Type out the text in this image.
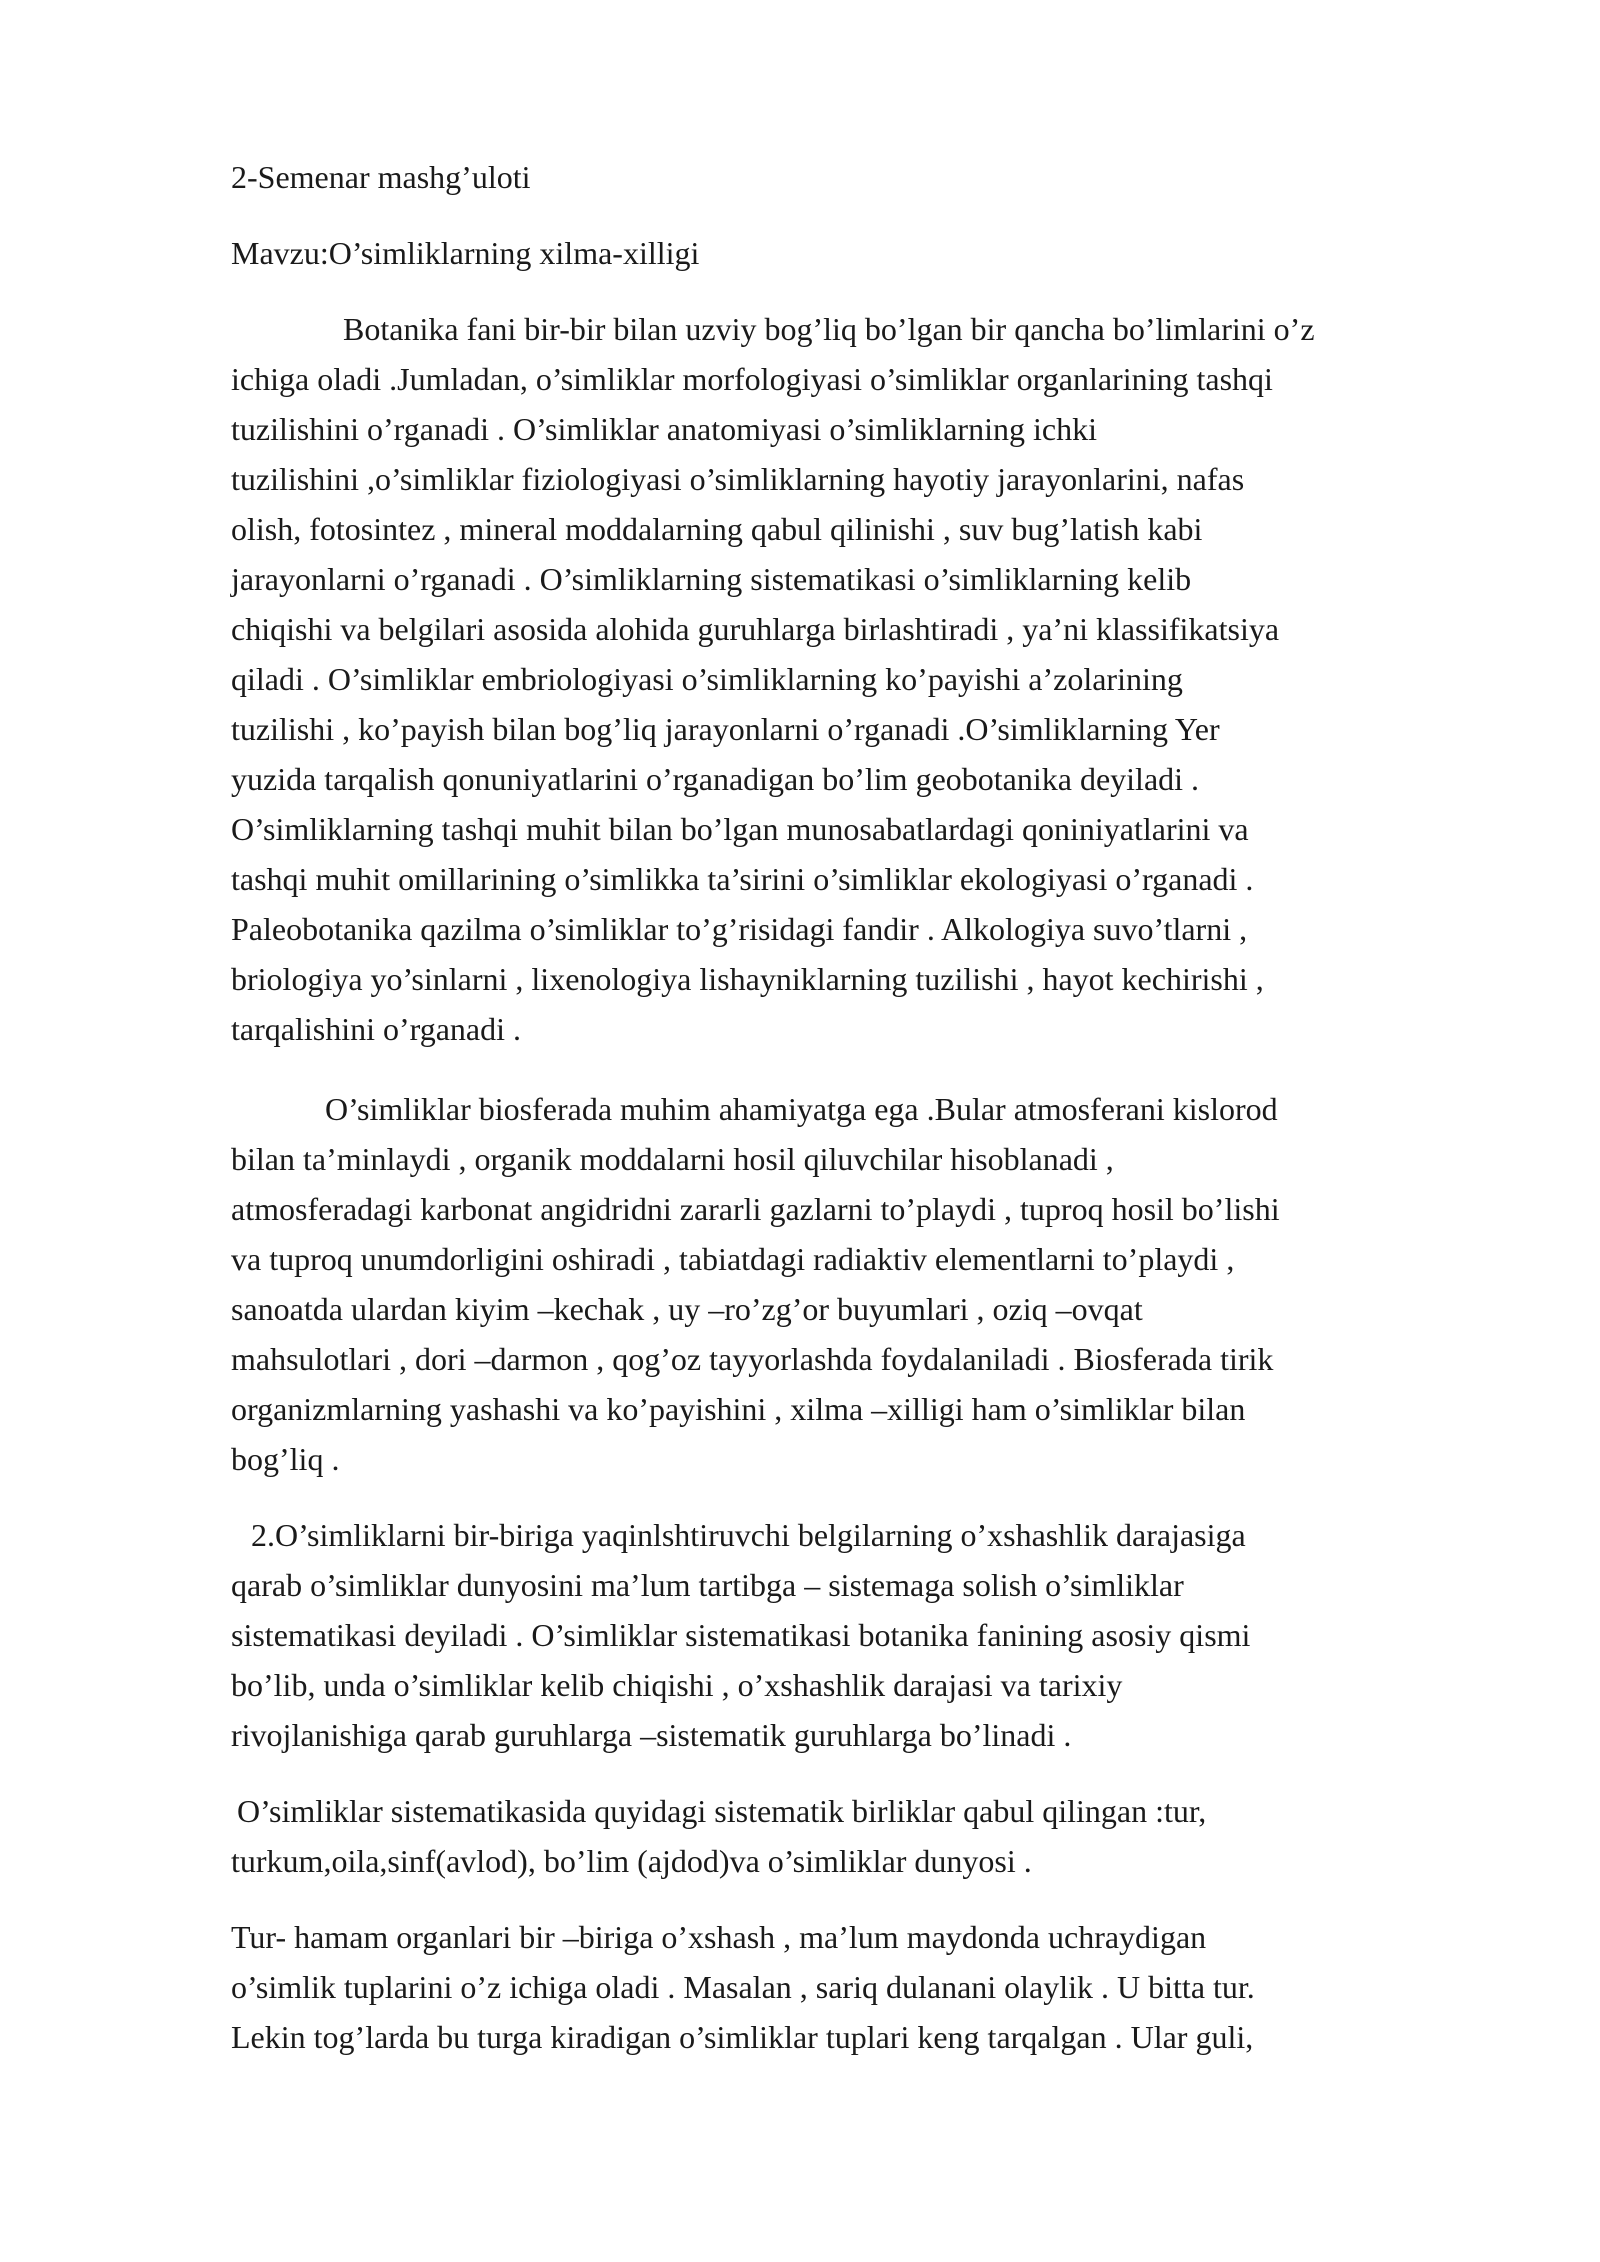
2-Semenar mashg’uloti
Mavzu:O’simliklarning xilma-xilligi
Botanika fani bir-bir bilan uzviy bog’liq bo’lgan bir qancha bo’limlarini o’z
ichiga oladi .Jumladan, o’simliklar morfologiyasi o’simliklar organlarining tashqi
tuzilishini o’rganadi . O’simliklar anatomiyasi o’simliklarning ichki
tuzilishini ,o’simliklar fiziologiyasi o’simliklarning hayotiy jarayonlarini, nafas
olish, fotosintez , mineral moddalarning qabul qilinishi , suv bug’latish kabi
jarayonlarni o’rganadi . O’simliklarning sistematikasi o’simliklarning kelib
chiqishi va belgilari asosida alohida guruhlarga birlashtiradi , ya’ni klassifikatsiya
qiladi . O’simliklar embriologiyasi o’simliklarning ko’payishi a’zolarining
tuzilishi , ko’payish bilan bog’liq jarayonlarni o’rganadi .O’simliklarning Yer
yuzida tarqalish qonuniyatlarini o’rganadigan bo’lim geobotanika deyiladi .
O’simliklarning tashqi muhit bilan bo’lgan munosabatlardagi qoniniyatlarini va
tashqi muhit omillarining o’simlikka ta’sirini o’simliklar ekologiyasi o’rganadi .
Paleobotanika qazilma o’simliklar to’g’risidagi fandir . Alkologiya suvo’tlarni ,
briologiya yo’sinlarni , lixenologiya lishayniklarning tuzilishi , hayot kechirishi ,
tarqalishini o’rganadi .
O’simliklar biosferada muhim ahamiyatga ega .Bular atmosferani kislorod
bilan ta’minlaydi , organik moddalarni hosil qiluvchilar hisoblanadi ,
atmosferadagi karbonat angidridni zararli gazlarni to’playdi , tuproq hosil bo’lishi
va tuproq unumdorligini oshiradi , tabiatdagi radiaktiv elementlarni to’playdi ,
sanoatda ulardan kiyim –kechak , uy –ro’zg’or buyumlari , oziq –ovqat
mahsulotlari , dori –darmon , qog’oz tayyorlashda foydalaniladi . Biosferada tirik
organizmlarning yashashi va ko’payishini , xilma –xilligi ham o’simliklar bilan
bog’liq .
2.O’simliklarni bir-biriga yaqinlshtiruvchi belgilarning o’xshashlik darajasiga
qarab o’simliklar dunyosini ma’lum tartibga – sistemaga solish o’simliklar
sistematikasi deyiladi . O’simliklar sistematikasi botanika fanining asosiy qismi
bo’lib, unda o’simliklar kelib chiqishi , o’xshashlik darajasi va tarixiy
rivojlanishiga qarab guruhlarga –sistematik guruhlarga bo’linadi .
O’simliklar sistematikasida quyidagi sistematik birliklar qabul qilingan :tur,
turkum,oila,sinf(avlod), bo’lim (ajdod)va o’simliklar dunyosi .
Tur- hamam organlari bir –biriga o’xshash , ma’lum maydonda uchraydigan
o’simlik tuplarini o’z ichiga oladi . Masalan , sariq dulanani olaylik . U bitta tur.
Lekin tog’larda bu turga kiradigan o’simliklar tuplari keng tarqalgan . Ular guli,
